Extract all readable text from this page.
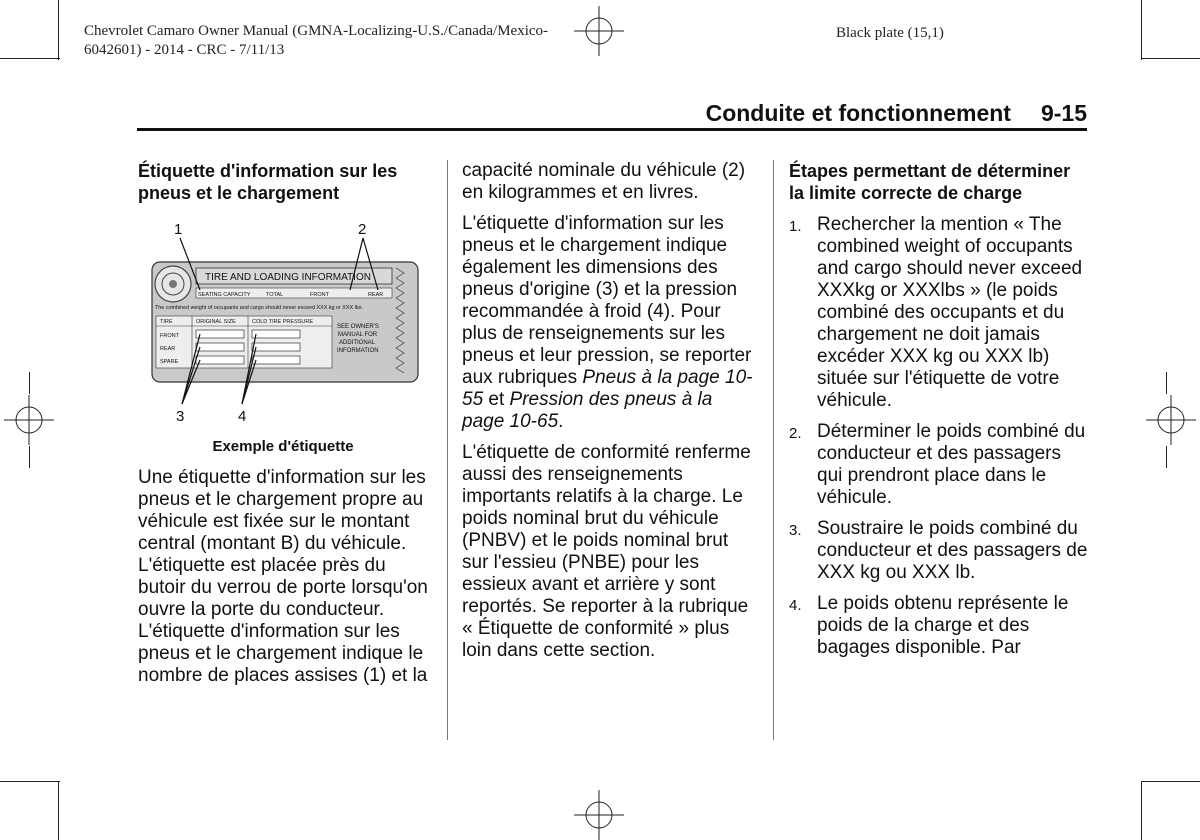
Chevrolet Camaro Owner Manual (GMNA-Localizing-U.S./Canada/Mexico-
6042601) - 2014 - CRC - 7/11/13
Black plate (15,1)
Conduite et fonctionnement 9-15
Étiquette d'information sur les pneus et le chargement
1	2
3	4
TIRE AND LOADING INFORMATION
SEATING CAPACITY	TOTAL	FRONT	REAR
The combined weight of occupants and cargo should never exceed XXX kg or XXX lbs.
TIRE	ORIGINAL SIZE	COLD TIRE PRESSURE
FRONT
REAR
SPARE
SEE OWNER'S
MANUAL FOR
ADDITIONAL
INFORMATION
Exemple d'étiquette

Une étiquette d'information sur les pneus et le chargement propre au véhicule est fixée sur le montant central (montant B) du véhicule. L'étiquette est placée près du butoir du verrou de porte lorsqu'on ouvre la porte du conducteur. L'étiquette d'information sur les pneus et le chargement indique le nombre de places assises (1) et la

capacité nominale du véhicule (2) en kilogrammes et en livres.

L'étiquette d'information sur les pneus et le chargement indique également les dimensions des pneus d'origine (3) et la pression recommandée à froid (4). Pour plus de renseignements sur les pneus et leur pression, se reporter aux rubriques Pneus à la page 10-55 et Pression des pneus à la page 10-65.

L'étiquette de conformité renferme aussi des renseignements importants relatifs à la charge. Le poids nominal brut du véhicule (PNBV) et le poids nominal brut sur l'essieu (PNBE) pour les essieux avant et arrière y sont reportés. Se reporter à la rubrique « Étiquette de conformité » plus loin dans cette section.

Étapes permettant de déterminer la limite correcte de charge
1. Rechercher la mention « The combined weight of occupants and cargo should never exceed XXXkg or XXXlbs » (le poids combiné des occupants et du chargement ne doit jamais excéder XXX kg ou XXX lb) située sur l'étiquette de votre véhicule.
2. Déterminer le poids combiné du conducteur et des passagers qui prendront place dans le véhicule.
3. Soustraire le poids combiné du conducteur et des passagers de XXX kg ou XXX lb.
4. Le poids obtenu représente le poids de la charge et des bagages disponible. Par
